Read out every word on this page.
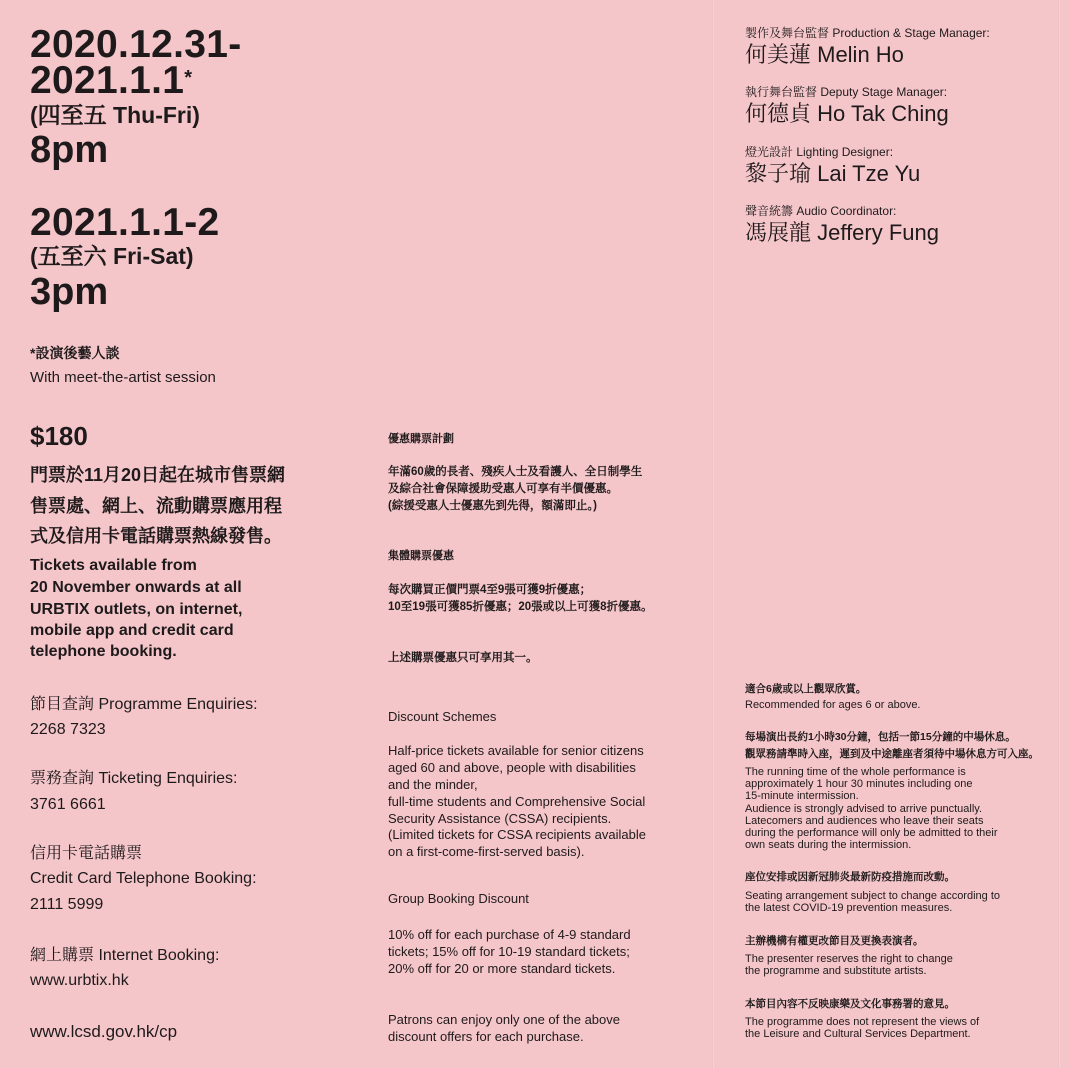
2020.12.31-

2021.1.1*

(四至五 Thu-Fri)

8pm

2021.1.1-2

(五至六 Fri-Sat)

3pm

*設演後藝人談

With meet-the-artist session

$180

門票於11月20日起在城市售票網

售票處、網上、流動購票應用程

式及信用卡電話購票熱線發售。

Tickets available from

20 November onwards at all

URBTIX outlets, on internet,

mobile app and credit card

telephone booking.

節目查詢 Programme Enquiries:

2268 7323

票務查詢 Ticketing Enquiries:

3761 6661

信用卡電話購票

Credit Card Telephone Booking:

2111 5999

網上購票 Internet Booking:

www.urbtix.hk

www.lcsd.gov.hk/cp

優惠購票計劃

年滿60歲的長者、殘疾人士及看護人、全日制學生

及綜合社會保障援助受惠人可享有半價優惠。

(綜援受惠人士優惠先到先得，額滿即止。)

集體購票優惠

每次購買正價門票4至9張可獲9折優惠；

10至19張可獲85折優惠；20張或以上可獲8折優惠。

上述購票優惠只可享用其一。

Discount Schemes

Half-price tickets available for senior citizens

aged 60 and above, people with disabilities

and the minder,

full-time students and Comprehensive Social

Security Assistance (CSSA) recipients.

(Limited tickets for CSSA recipients available

on a first-come-first-served basis).

Group Booking Discount

10% off for each purchase of 4-9 standard

tickets; 15% off for 10-19 standard tickets;

20% off for 20 or more standard tickets.

Patrons can enjoy only one of the above

discount offers for each purchase.

製作及舞台監督 Production & Stage Manager:

何美蓮 Melin Ho

執行舞台監督 Deputy Stage Manager:

何德貞 Ho Tak Ching

燈光設計 Lighting Designer:

黎子瑜 Lai Tze Yu

聲音統籌 Audio Coordinator:

馮展龍 Jeffery Fung

適合6歲或以上觀眾欣賞。

Recommended for ages 6 or above.

每場演出長約1小時30分鐘，包括一節15分鐘的中場休息。

觀眾務請準時入座，遲到及中途離座者須待中場休息方可入座。

The running time of the whole performance is

approximately 1 hour 30 minutes including one

15-minute intermission.

Audience is strongly advised to arrive punctually.

Latecomers and audiences who leave their seats

during the performance will only be admitted to their

own seats during the intermission.

座位安排或因新冠肺炎最新防疫措施而改動。

Seating arrangement subject to change according to

the latest COVID-19 prevention measures.

主辦機構有權更改節目及更換表演者。

The presenter reserves the right to change

the programme and substitute artists.

本節目內容不反映康樂及文化事務署的意見。

The programme does not represent the views of

the Leisure and Cultural Services Department.
